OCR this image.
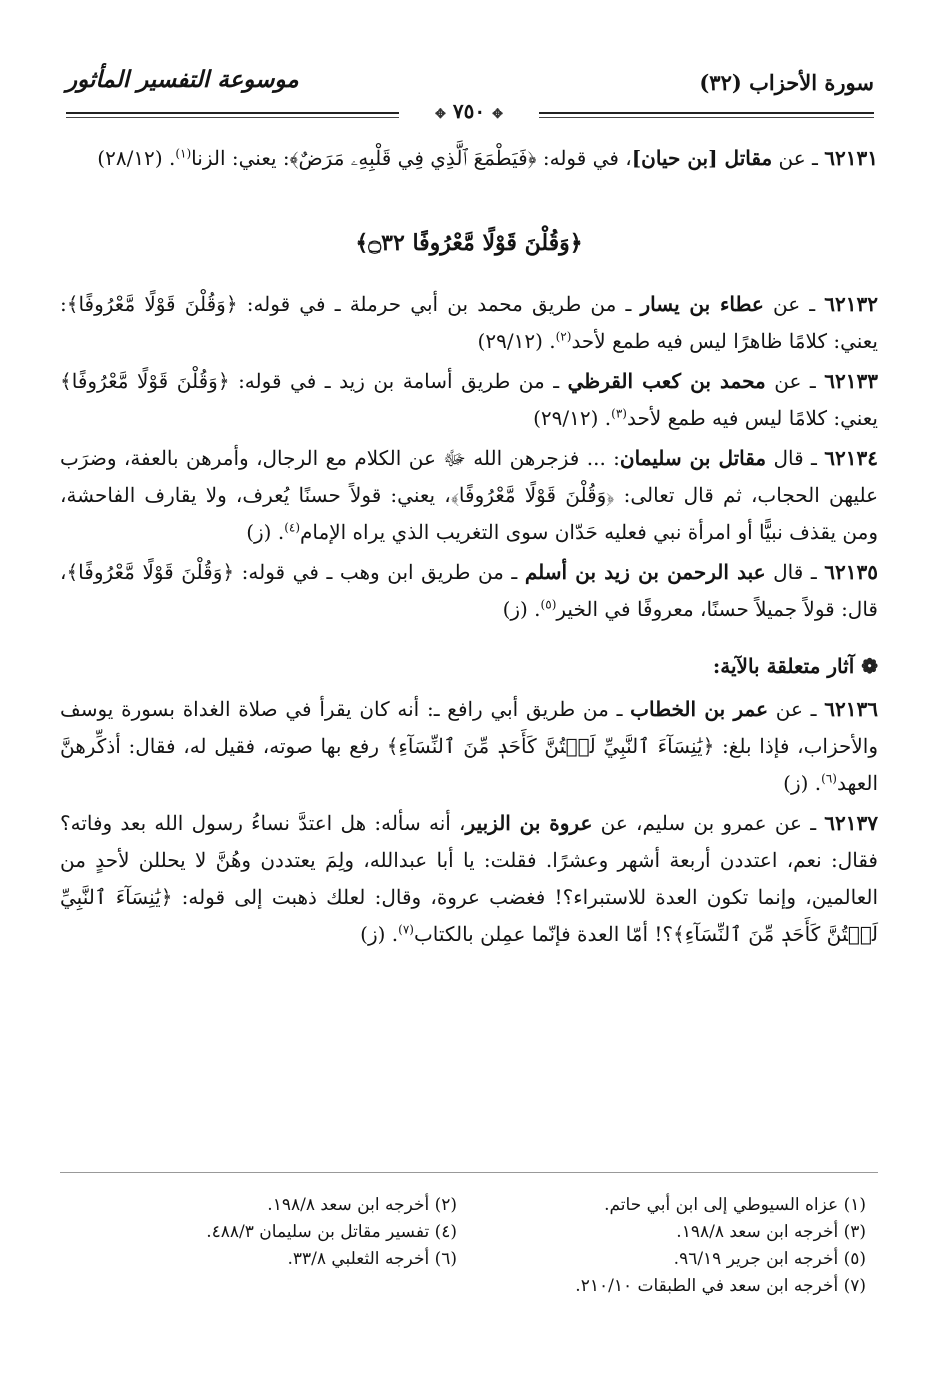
سورة الأحزاب (٣٢)
موسوعة التفسير المأثور
✥ ٧٥٠ ✥

٦٢١٣١ ـ عن مقاتل [بن حيان]، في قوله: ﴿فَيَطْمَعَ ٱلَّذِي فِي قَلْبِهِۦ مَرَضٌ﴾: يعني: الزنا$^{(١)}$. (٢٨/١٢)

﴿وَقُلْنَ قَوْلًا مَّعْرُوفًا ۝٣٢﴾

٦٢١٣٢ ـ عن عطاء بن يسار ـ من طريق محمد بن أبي حرملة ـ في قوله: ﴿وَقُلْنَ قَوْلًا مَّعْرُوفًا﴾: يعني: كلامًا ظاهرًا ليس فيه طمع لأحد$^{(٢)}$. (٢٩/١٢)

٦٢١٣٣ ـ عن محمد بن كعب القرظي ـ من طريق أسامة بن زيد ـ في قوله: ﴿وَقُلْنَ قَوْلًا مَّعْرُوفًا﴾ يعني: كلامًا ليس فيه طمع لأحد$^{(٣)}$. (٢٩/١٢)

٦٢١٣٤ ـ قال مقاتل بن سليمان: ... فزجرهن الله ﷻ عن الكلام مع الرجال، وأمرهن بالعفة، وضرَب عليهن الحجاب، ثم قال تعالى: ﴿وَقُلْنَ قَوْلًا مَّعْرُوفًا﴾، يعني: قولاً حسنًا يُعرف، ولا يقارف الفاحشة، ومن يقذف نبيًّا أو امرأة نبي فعليه حَدّان سوى التغريب الذي يراه الإمام$^{(٤)}$. (ز)

٦٢١٣٥ ـ قال عبد الرحمن بن زيد بن أسلم ـ من طريق ابن وهب ـ في قوله: ﴿وَقُلْنَ قَوْلًا مَّعْرُوفًا﴾، قال: قولاً جميلاً حسنًا، معروفًا في الخير$^{(٥)}$. (ز)

❁ آثار متعلقة بالآية:

٦٢١٣٦ ـ عن عمر بن الخطاب ـ من طريق أبي رافع ـ: أنه كان يقرأ في صلاة الغداة بسورة يوسف والأحزاب، فإذا بلغ: ﴿يَٰنِسَآءَ ٱلنَّبِيِّ لَسۡتُنَّ كَأَحَدٖ مِّنَ ٱلنِّسَآءِ﴾ رفع بها صوته، فقيل له، فقال: أذكِّرهنَّ العهد$^{(٦)}$. (ز)

٦٢١٣٧ ـ عن عمرو بن سليم، عن عروة بن الزبير، أنه سأله: هل اعتدَّ نساءُ رسول الله بعد وفاته؟ فقال: نعم، اعتددن أربعة أشهر وعشرًا. فقلت: يا أبا عبدالله، ولِمَ يعتددن وهُنَّ لا يحللن لأحدٍ من العالمين، وإنما تكون العدة للاستبراء؟! فغضب عروة، وقال: لعلك ذهبت إلى قوله: ﴿يَٰنِسَآءَ ٱلنَّبِيِّ لَسۡتُنَّ كَأَحَدٖ مِّنَ ٱلنِّسَآءِ﴾؟! أمّا العدة فإنّما عمِلن بالكتاب$^{(٧)}$. (ز)

(١) عزاه السيوطي إلى ابن أبي حاتم.	(٢) أخرجه ابن سعد ١٩٨/٨.
(٣) أخرجه ابن سعد ١٩٨/٨.	(٤) تفسير مقاتل بن سليمان ٤٨٨/٣.
(٥) أخرجه ابن جرير ٩٦/١٩.	(٦) أخرجه الثعلبي ٣٣/٨.
(٧) أخرجه ابن سعد في الطبقات ٢١٠/١٠.	
